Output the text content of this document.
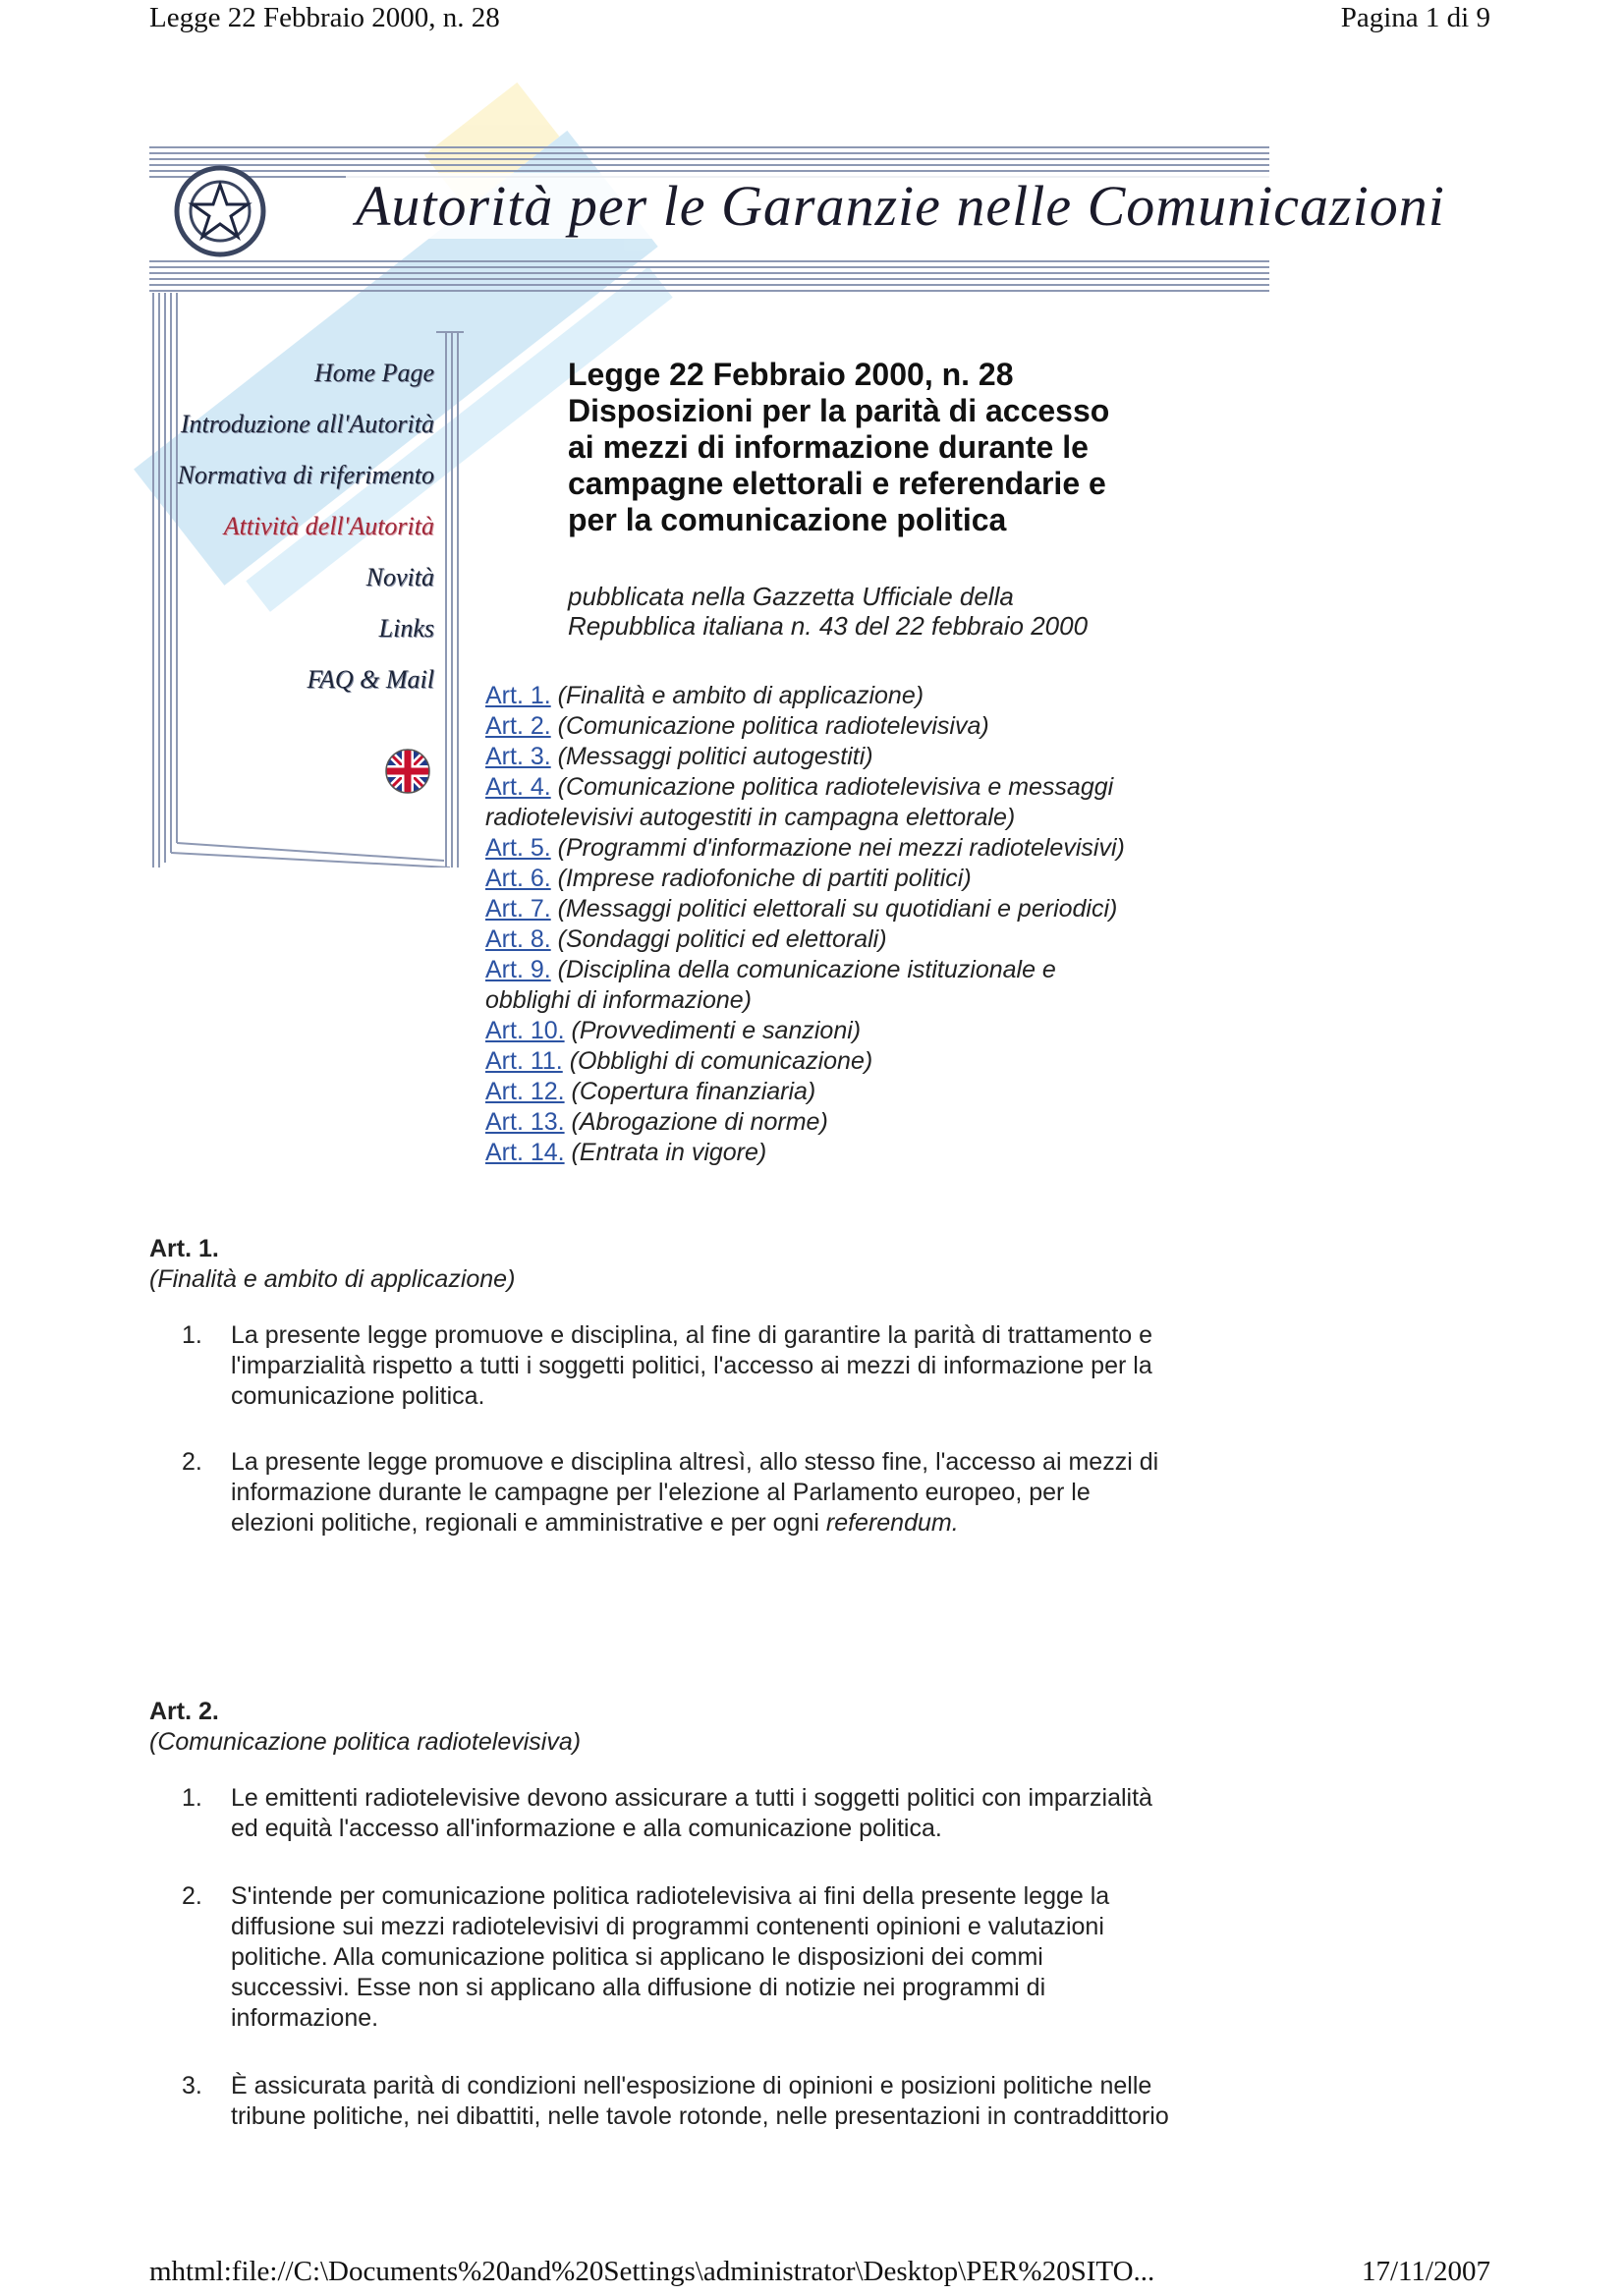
Legge 22 Febbraio 2000, n. 28	Pagina 1 di 9
Autorità per le Garanzie nelle Comunicazioni
Home Page
Introduzione all'Autorità
Normativa di riferimento
Attività dell'Autorità
Novità
Links
FAQ & Mail
Legge 22 Febbraio 2000, n. 28
Disposizioni per la parità di accesso
ai mezzi di informazione durante le
campagne elettorali e referendarie e
per la comunicazione politica
pubblicata nella Gazzetta Ufficiale della
Repubblica italiana n. 43 del 22 febbraio 2000
Art. 1. (Finalità e ambito di applicazione)
Art. 2. (Comunicazione politica radiotelevisiva)
Art. 3. (Messaggi politici autogestiti)
Art. 4. (Comunicazione politica radiotelevisiva e messaggi
radiotelevisivi autogestiti in campagna elettorale)
Art. 5. (Programmi d'informazione nei mezzi radiotelevisivi)
Art. 6. (Imprese radiofoniche di partiti politici)
Art. 7. (Messaggi politici elettorali su quotidiani e periodici)
Art. 8. (Sondaggi politici ed elettorali)
Art. 9. (Disciplina della comunicazione istituzionale e
obblighi di informazione)
Art. 10. (Provvedimenti e sanzioni)
Art. 11. (Obblighi di comunicazione)
Art. 12. (Copertura finanziaria)
Art. 13. (Abrogazione di norme)
Art. 14. (Entrata in vigore)
Art. 1.
(Finalità e ambito di applicazione)
1. La presente legge promuove e disciplina, al fine di garantire la parità di trattamento e
l'imparzialità rispetto a tutti i soggetti politici, l'accesso ai mezzi di informazione per la
comunicazione politica.
2. La presente legge promuove e disciplina altresì, allo stesso fine, l'accesso ai mezzi di
informazione durante le campagne per l'elezione al Parlamento europeo, per le
elezioni politiche, regionali e amministrative e per ogni referendum.
Art. 2.
(Comunicazione politica radiotelevisiva)
1. Le emittenti radiotelevisive devono assicurare a tutti i soggetti politici con imparzialità
ed equità l'accesso all'informazione e alla comunicazione politica.
2. S'intende per comunicazione politica radiotelevisiva ai fini della presente legge la
diffusione sui mezzi radiotelevisivi di programmi contenenti opinioni e valutazioni
politiche. Alla comunicazione politica si applicano le disposizioni dei commi
successivi. Esse non si applicano alla diffusione di notizie nei programmi di
informazione.
3. È assicurata parità di condizioni nell'esposizione di opinioni e posizioni politiche nelle
tribune politiche, nei dibattiti, nelle tavole rotonde, nelle presentazioni in contraddittorio
mhtml:file://C:\Documents%20and%20Settings\administrator\Desktop\PER%20SITO...	17/11/2007
